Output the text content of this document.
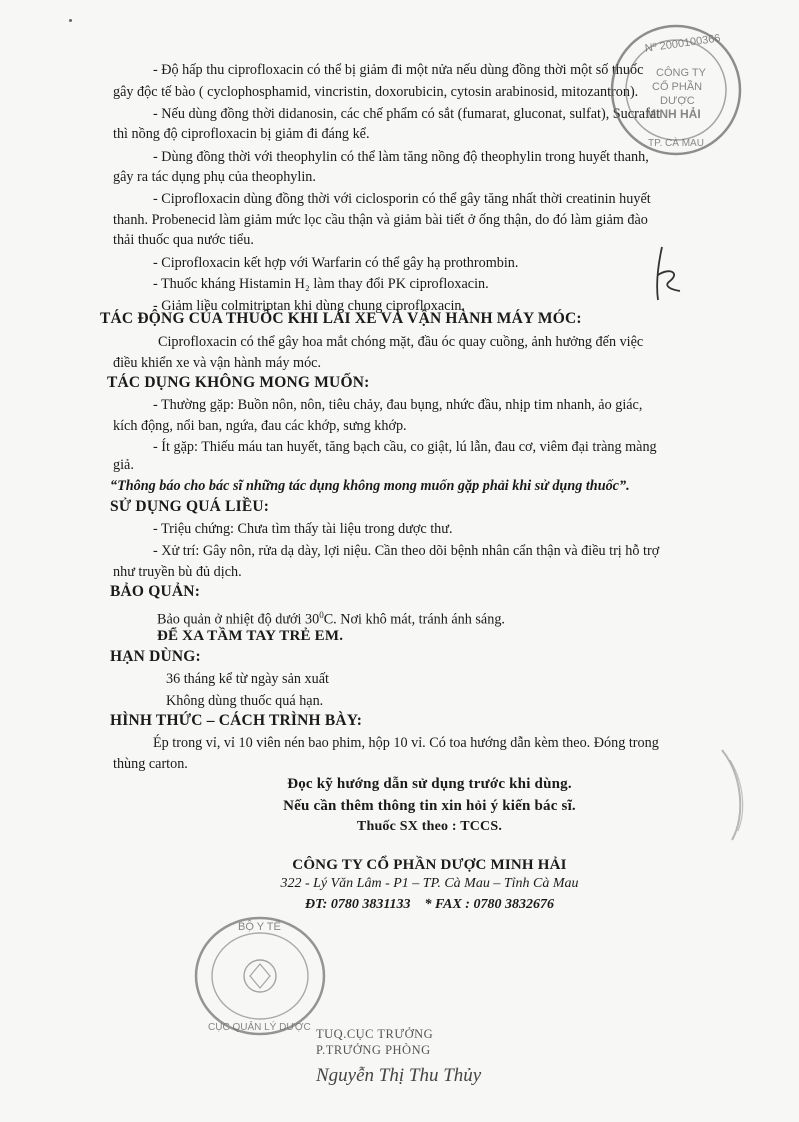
- Độ hấp thu ciprofloxacin có thể bị giảm đi một nửa nếu dùng đồng thời một số thuốc
gây độc tế bào ( cyclophosphamid, vincristin, doxorubicin, cytosin arabinosid, mitozantron).
- Nếu dùng đồng thời didanosin, các chế phẩm có sắt (fumarat, gluconat, sulfat), Sucrafat
thì nồng độ ciprofloxacin bị giảm đi đáng kể.
- Dùng đồng thời với theophylin có thể làm tăng nồng độ theophylin trong huyết thanh,
gây ra tác dụng phụ của theophylin.
- Ciprofloxacin dùng đồng thời với ciclosporin có thể gây tăng nhất thời creatinin huyết
thanh. Probenecid làm giảm mức lọc cầu thận và giảm bài tiết ở ống thận, do đó làm giảm đào
thải thuốc qua nước tiểu.
- Ciprofloxacin kết hợp với Warfarin có thể gây hạ prothrombin.
- Thuốc kháng Histamin H₂ làm thay đổi PK ciprofloxacin.
- Giảm liều colmitriptan khi dùng chung ciprofloxacin.
TÁC ĐỘNG CỦA THUỐC KHI LÁI XE VÀ VẬN HÀNH MÁY MÓC:
Ciprofloxacin có thể gây hoa mắt chóng mặt, đầu óc quay cuồng, ảnh hưởng đến việc
điều khiển xe và vận hành máy móc.
TÁC DỤNG KHÔNG MONG MUỐN:
- Thường gặp: Buồn nôn, nôn, tiêu chảy, đau bụng, nhức đầu, nhịp tim nhanh, ảo giác,
kích động, nổi ban, ngứa, đau các khớp, sưng khớp.
- Ít gặp: Thiếu máu tan huyết, tăng bạch cầu, co giật, lú lẫn, đau cơ, viêm đại tràng màng
giả.
“Thông báo cho bác sĩ những tác dụng không mong muốn gặp phải khi sử dụng thuốc”.
SỬ DỤNG QUÁ LIỀU:
- Triệu chứng: Chưa tìm thấy tài liệu trong dược thư.
- Xử trí: Gây nôn, rửa dạ dày, lợi niệu. Cần theo dõi bệnh nhân cẩn thận và điều trị hỗ trợ
như truyền bù đủ dịch.
BẢO QUẢN:
Bảo quản ở nhiệt độ dưới $30^0C$. Nơi khô mát, tránh ánh sáng.
ĐỂ XA TẦM TAY TRẺ EM.
HẠN DÙNG:
36 tháng kể từ ngày sản xuất
Không dùng thuốc quá hạn.
HÌNH THỨC – CÁCH TRÌNH BÀY:
Ép trong vỉ, vỉ 10 viên nén bao phim, hộp 10 vỉ. Có toa hướng dẫn kèm theo. Đóng trong
thùng carton.
Đọc kỹ hướng dẫn sử dụng trước khi dùng.
Nếu cần thêm thông tin xin hỏi ý kiến bác sĩ.
Thuốc SX theo : TCCS.
CÔNG TY CỔ PHẦN DƯỢC MINH HẢI
322 - Lý Văn Lâm - P1 – TP. Cà Mau – Tỉnh Cà Mau
ĐT: 0780 3831133    * FAX : 0780 3832676
Nº 2000100366
CÔNG TY
CỔ PHẦN
DƯỢC
MINH HẢI
TP. CÀ MAU
BỘ Y TẾ
CỤC QUẢN LÝ DƯỢC TUQ.CỤC TRƯỞNG
P.TRƯỞNG PHÒNG
Nguyễn Thị Thu Thủy
